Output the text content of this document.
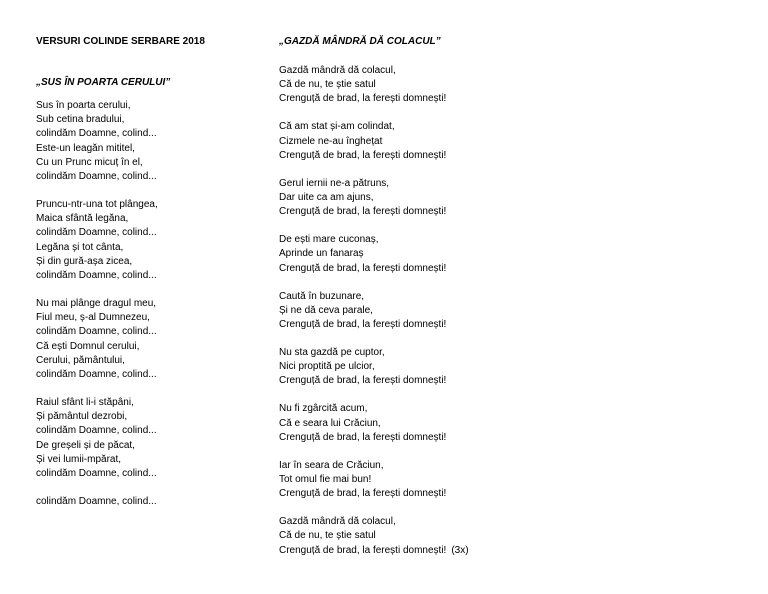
VERSURI COLINDE SERBARE 2018

„SUS ÎN POARTA CERULUI”

Sus în poarta cerului,
Sub cetina bradului,
colindăm Doamne, colind...
Este-un leagăn mititel,
Cu un Prunc micuț în el,
colindăm Doamne, colind...
Pruncu-ntr-una tot plângea,
Maica sfântă legăna,
colindăm Doamne, colind...
Legăna și tot cânta,
Și din gură-așa zicea,
colindăm Doamne, colind...
Nu mai plânge dragul meu,
Fiul meu, ș-al Dumnezeu,
colindăm Doamne, colind...
Că ești Domnul cerului,
Cerului, pământului,
colindăm Doamne, colind...
Raiul sfânt li-i stăpâni,
Și pământul dezrobi,
colindăm Doamne, colind...
De greșeli și de păcat,
Și vei lumii-mpărat,
colindăm Doamne, colind...
colindăm Doamne, colind...

„GAZDĂ MÂNDRĂ DĂ COLACUL”

Gazdă mândră dă colacul,
Că de nu, te știe satul
Crenguță de brad, la ferești domnești!
Că am stat și-am colindat,
Cizmele ne-au înghețat
Crenguță de brad, la ferești domnești!
Gerul iernii ne-a pătruns,
Dar uite ca am ajuns,
Crenguță de brad, la ferești domnești!
De ești mare cuconaș,
Aprinde un fanaraș
Crenguță de brad, la ferești domnești!
Caută în buzunare,
Și ne dă ceva parale,
Crenguță de brad, la ferești domnești!
Nu sta gazdă pe cuptor,
Nici proptită pe ulcior,
Crenguță de brad, la ferești domnești!
Nu fi zgârcită acum,
Că e seara lui Crăciun,
Crenguță de brad, la ferești domnești!
Iar în seara de Crăciun,
Tot omul fie mai bun!
Crenguță de brad, la ferești domnești!
Gazdă mândră dă colacul,
Că de nu, te știe satul
Crenguță de brad, la ferești domnești! (3x)
